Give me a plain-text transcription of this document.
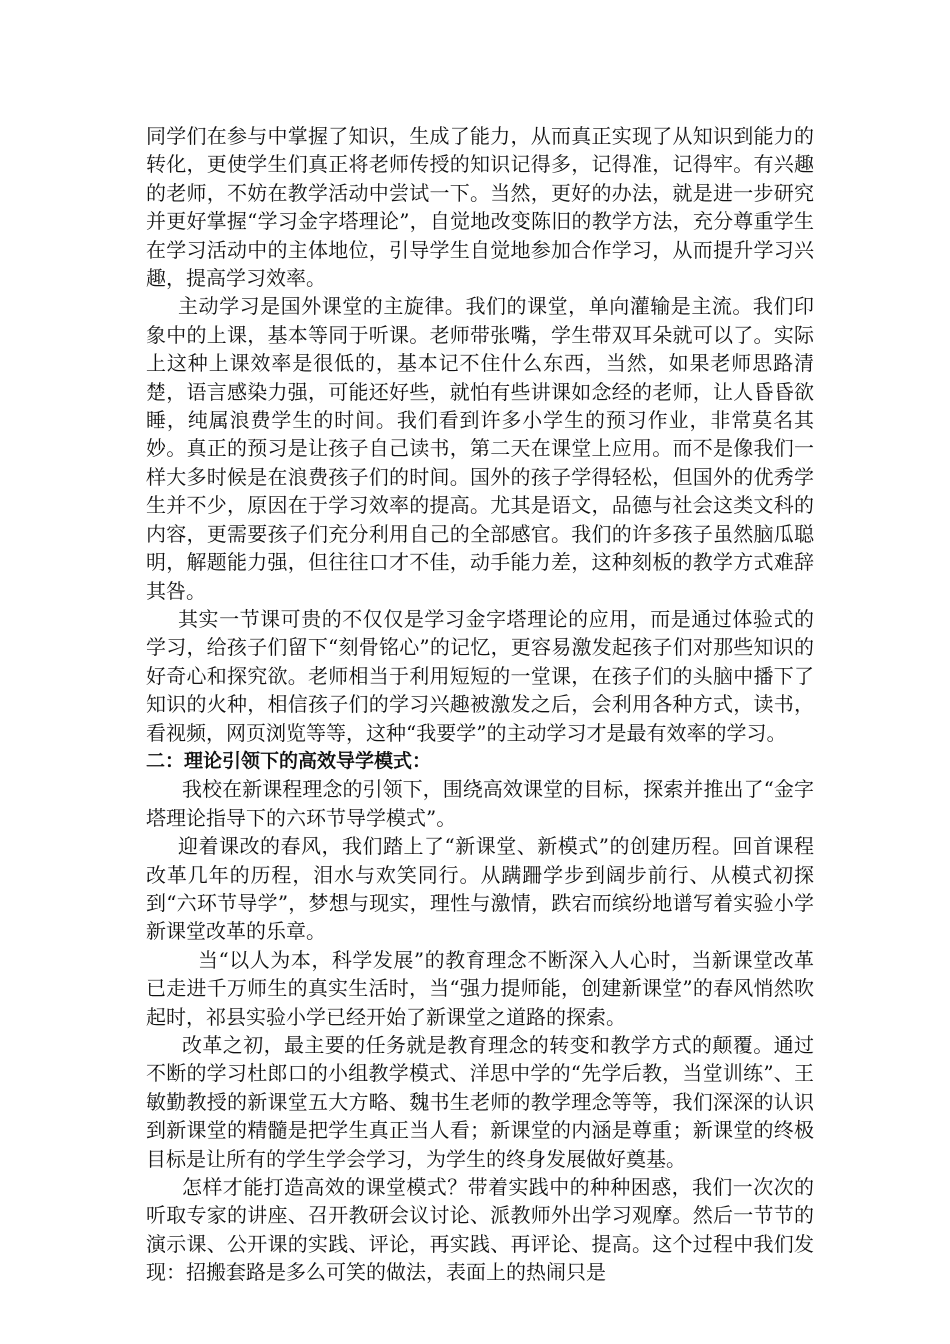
同学们在参与中掌握了知识，生成了能力，从而真正实现了从知识到能力的转化，更使学生们真正将老师传授的知识记得多，记得准，记得牢。有兴趣的老师，不妨在教学活动中尝试一下。当然，更好的办法，就是进一步研究并更好掌握“学习金字塔理论”，自觉地改变陈旧的教学方法，充分尊重学生在学习活动中的主体地位，引导学生自觉地参加合作学习，从而提升学习兴趣，提高学习效率。

主动学习是国外课堂的主旋律。我们的课堂，单向灌输是主流。我们印象中的上课，基本等同于听课。老师带张嘴，学生带双耳朵就可以了。实际上这种上课效率是很低的，基本记不住什么东西，当然，如果老师思路清楚，语言感染力强，可能还好些，就怕有些讲课如念经的老师，让人昏昏欲睡，纯属浪费学生的时间。我们看到许多小学生的预习作业，非常莫名其妙。真正的预习是让孩子自己读书，第二天在课堂上应用。而不是像我们一样大多时候是在浪费孩子们的时间。国外的孩子学得轻松，但国外的优秀学生并不少，原因在于学习效率的提高。尤其是语文，品德与社会这类文科的内容，更需要孩子们充分利用自己的全部感官。我们的许多孩子虽然脑瓜聪明，解题能力强，但往往口才不佳，动手能力差，这种刻板的教学方式难辞其咎。

其实一节课可贵的不仅仅是学习金字塔理论的应用，而是通过体验式的学习，给孩子们留下“刻骨铭心”的记忆，更容易激发起孩子们对那些知识的好奇心和探究欲。老师相当于利用短短的一堂课，在孩子们的头脑中播下了知识的火种，相信孩子们的学习兴趣被激发之后，会利用各种方式，读书，看视频，网页浏览等等，这种“我要学”的主动学习才是最有效率的学习。

二：理论引领下的高效导学模式：

我校在新课程理念的引领下，围绕高效课堂的目标，探索并推出了“金字塔理论指导下的六环节导学模式”。

迎着课改的春风，我们踏上了“新课堂、新模式”的创建历程。回首课程改革几年的历程，泪水与欢笑同行。从蹒跚学步到阔步前行、从模式初探到“六环节导学”，梦想与现实，理性与激情，跌宕而缤纷地谱写着实验小学新课堂改革的乐章。

当“以人为本，科学发展”的教育理念不断深入人心时，当新课堂改革已走进千万师生的真实生活时，当“强力提师能，创建新课堂”的春风悄然吹起时，祁县实验小学已经开始了新课堂之道路的探索。

改革之初，最主要的任务就是教育理念的转变和教学方式的颠覆。通过不断的学习杜郎口的小组教学模式、洋思中学的“先学后教，当堂训练”、王敏勤教授的新课堂五大方略、魏书生老师的教学理念等等，我们深深的认识到新课堂的精髓是把学生真正当人看；新课堂的内涵是尊重；新课堂的终极目标是让所有的学生学会学习，为学生的终身发展做好奠基。

怎样才能打造高效的课堂模式？带着实践中的种种困惑，我们一次次的听取专家的讲座、召开教研会议讨论、派教师外出学习观摩。然后一节节的演示课、公开课的实践、评论，再实践、再评论、提高。这个过程中我们发现：招搬套路是多么可笑的做法，表面上的热闹只是
